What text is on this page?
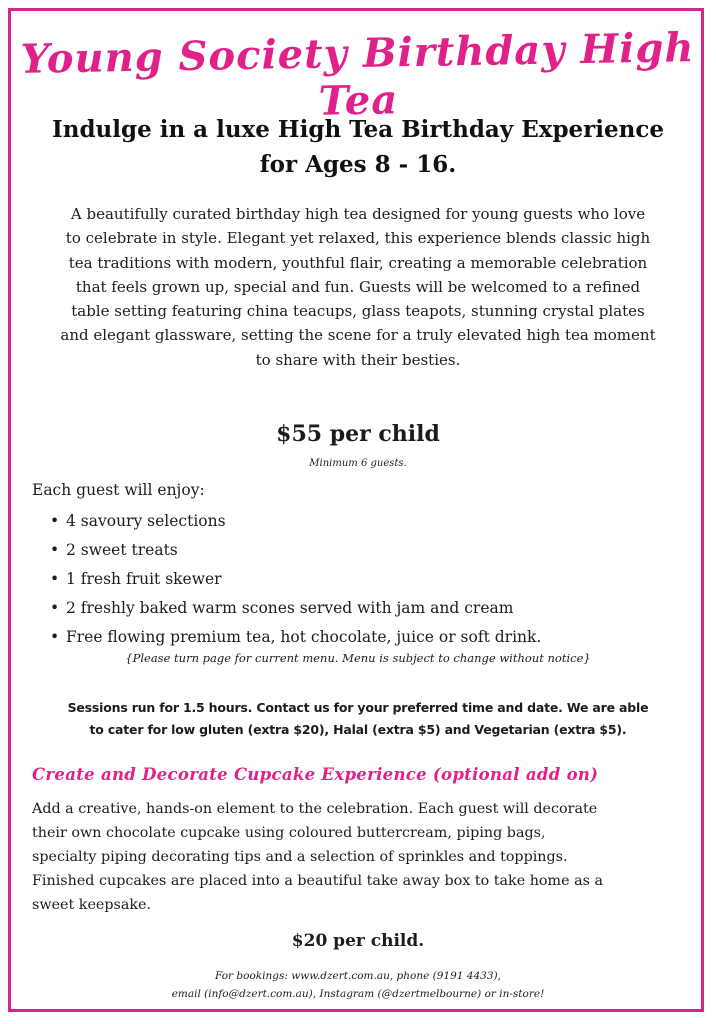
Young Society Birthday High Tea
Indulge in a luxe High Tea Birthday Experience
for Ages 8 - 16.
A beautifully curated birthday high tea designed for young guests who love
to celebrate in style. Elegant yet relaxed, this experience blends classic high
tea traditions with modern, youthful flair, creating a memorable celebration
that feels grown up, special and fun. Guests will be welcomed to a refined
table setting featuring china teacups, glass teapots, stunning crystal plates
and elegant glassware, setting the scene for a truly elevated high tea moment
to share with their besties.
$55 per child
Minimum 6 guests.
Each guest will enjoy:
• 4 savoury selections
• 2 sweet treats
• 1 fresh fruit skewer
• 2 freshly baked warm scones served with jam and cream
• Free flowing premium tea, hot chocolate, juice or soft drink.
{Please turn page for current menu. Menu is subject to change without notice}
Sessions run for 1.5 hours. Contact us for your preferred time and date. We are able
to cater for low gluten (extra $20), Halal (extra $5) and Vegetarian (extra $5).
Create and Decorate Cupcake Experience (optional add on)
Add a creative, hands-on element to the celebration. Each guest will decorate
their own chocolate cupcake using coloured buttercream, piping bags,
specialty piping decorating tips and a selection of sprinkles and toppings.
Finished cupcakes are placed into a beautiful take away box to take home as a
sweet keepsake.
$20 per child.
For bookings: www.dzert.com.au, phone (9191 4433),
email (info@dzert.com.au), Instagram (@dzertmelbourne) or in-store!
